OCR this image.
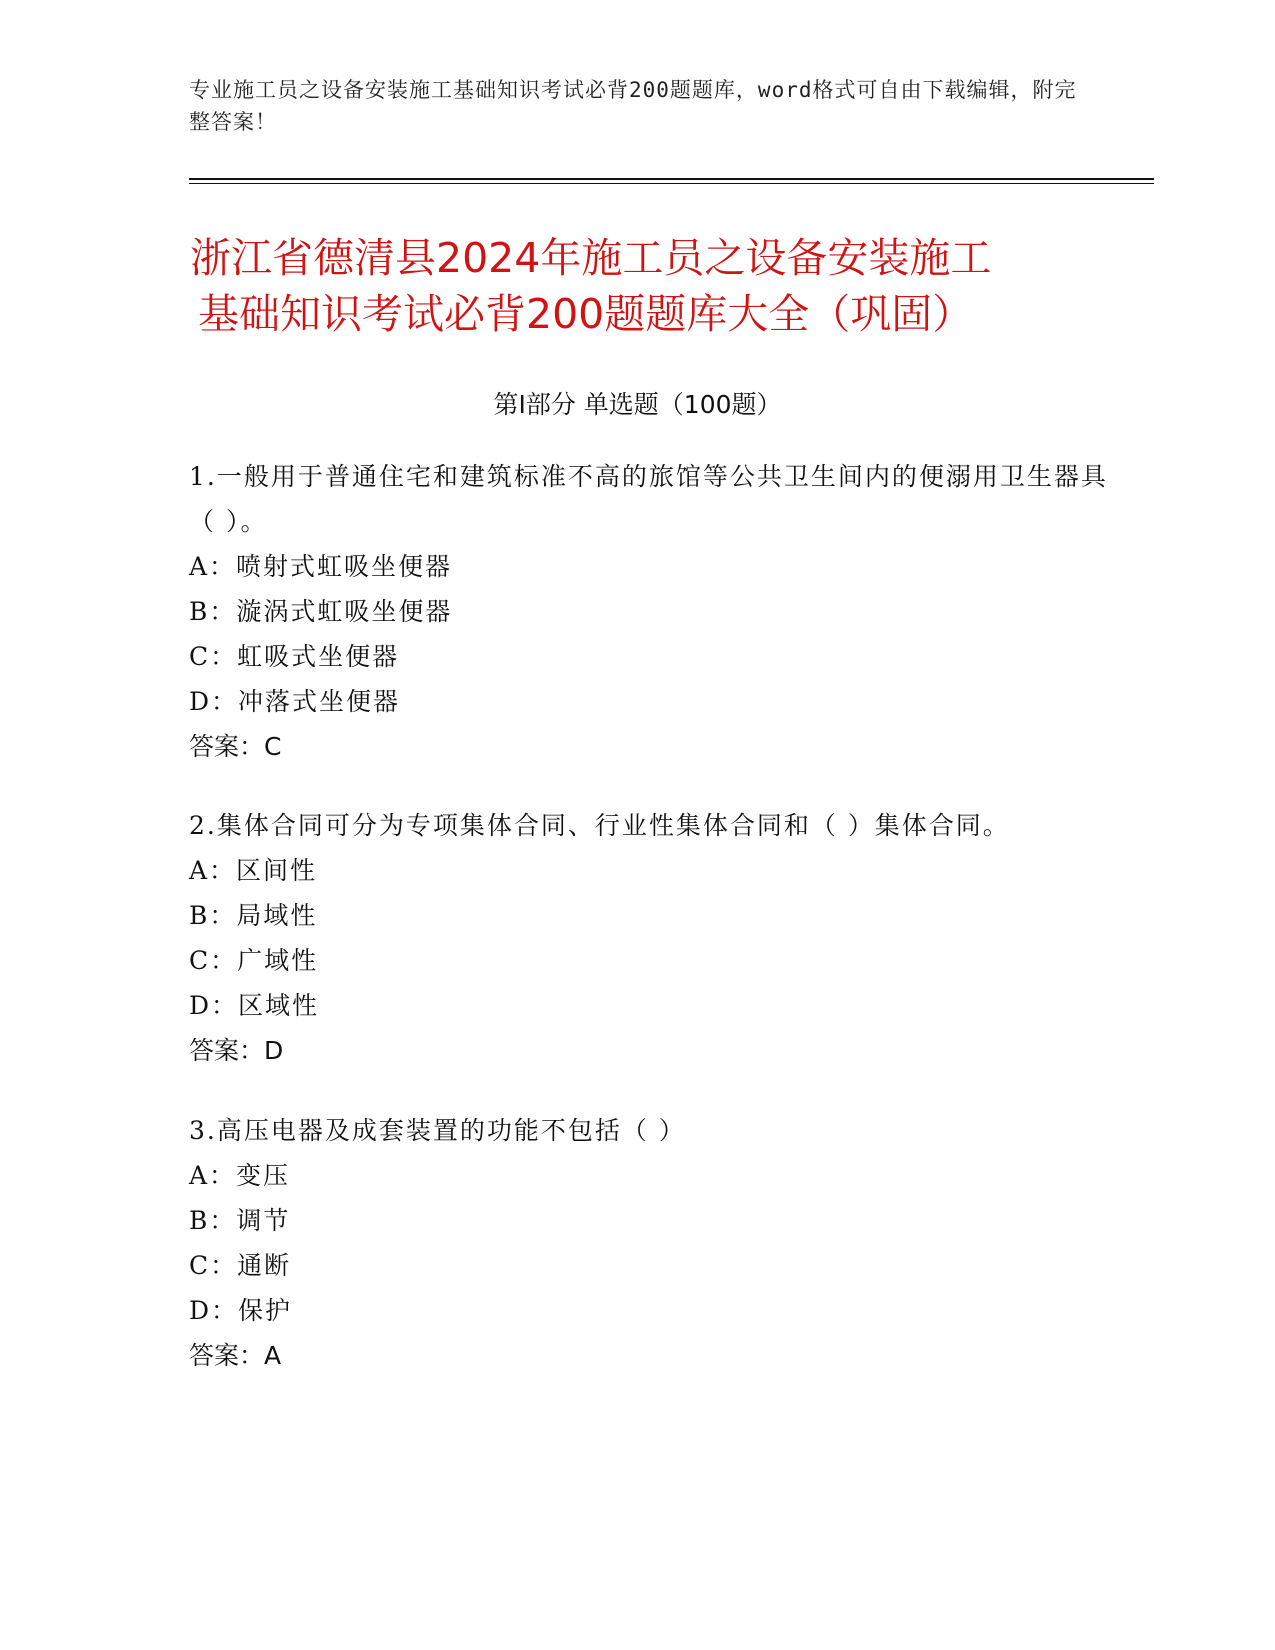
专业施工员之设备安装施工基础知识考试必背200题题库，word格式可自由下载编辑，附完整答案！
浙江省德清县2024年施工员之设备安装施工
基础知识考试必背200题题库大全（巩固）
第I部分 单选题（100题）
1.一般用于普通住宅和建筑标准不高的旅馆等公共卫生间内的便溺用卫生器具（ ）。
A：喷射式虹吸坐便器
B：漩涡式虹吸坐便器
C：虹吸式坐便器
D：冲落式坐便器
答案：C
2.集体合同可分为专项集体合同、行业性集体合同和（ ）集体合同。
A：区间性
B：局域性
C：广域性
D：区域性
答案：D
3.高压电器及成套装置的功能不包括（ ）
A：变压
B：调节
C：通断
D：保护
答案：A
